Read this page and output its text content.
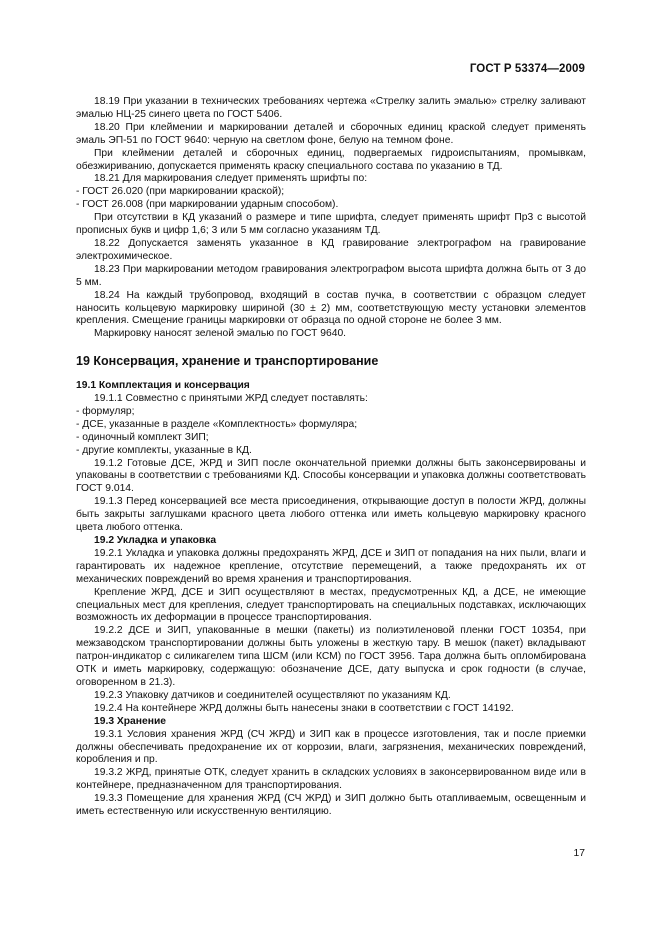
ГОСТ Р 53374—2009

18.19 При указании в технических требованиях чертежа «Стрелку залить эмалью» стрелку заливают эмалью НЦ-25 синего цвета по ГОСТ 5406.

18.20 При клеймении и маркировании деталей и сборочных единиц краской следует применять эмаль ЭП-51 по ГОСТ 9640: черную на светлом фоне, белую на темном фоне.

При клеймении деталей и сборочных единиц, подвергаемых гидроиспытаниям, промывкам, обезжириванию, допускается применять краску специального состава по указанию в ТД.

18.21 Для маркирования следует применять шрифты по:

- ГОСТ 26.020 (при маркировании краской);

- ГОСТ 26.008 (при маркировании ударным способом).

При отсутствии в КД указаний о размере и типе шрифта, следует применять шрифт Пр3 с высотой прописных букв и цифр 1,6; 3 или 5 мм согласно указаниям ТД.

18.22 Допускается заменять указанное в КД гравирование электрографом на гравирование электрохимическое.

18.23 При маркировании методом гравирования электрографом высота шрифта должна быть от 3 до 5 мм.

18.24 На каждый трубопровод, входящий в состав пучка, в соответствии с образцом следует наносить кольцевую маркировку шириной (30 ± 2) мм, соответствующую месту установки элементов крепления. Смещение границы маркировки от образца по одной стороне не более 3 мм.

Маркировку наносят зеленой эмалью по ГОСТ 9640.

19 Консервация, хранение и транспортирование

19.1 Комплектация и консервация

19.1.1 Совместно с принятыми ЖРД следует поставлять:

- формуляр;

- ДСЕ, указанные в разделе «Комплектность» формуляра;

- одиночный комплект ЗИП;

- другие комплекты, указанные в КД.

19.1.2 Готовые ДСЕ, ЖРД и ЗИП после окончательной приемки должны быть законсервированы и упакованы в соответствии с требованиями КД. Способы консервации и упаковка должны соответствовать ГОСТ 9.014.

19.1.3 Перед консервацией все места присоединения, открывающие доступ в полости ЖРД, должны быть закрыты заглушками красного цвета любого оттенка или иметь кольцевую маркировку красного цвета любого оттенка.

19.2 Укладка и упаковка

19.2.1 Укладка и упаковка должны предохранять ЖРД, ДСЕ и ЗИП от попадания на них пыли, влаги и гарантировать их надежное крепление, отсутствие перемещений, а также предохранять их от механических повреждений во время хранения и транспортирования.

Крепление ЖРД, ДСЕ и ЗИП осуществляют в местах, предусмотренных КД, а ДСЕ, не имеющие специальных мест для крепления, следует транспортировать на специальных подставках, исключающих возможность их деформации в процессе транспортирования.

19.2.2 ДСЕ и ЗИП, упакованные в мешки (пакеты) из полиэтиленовой пленки ГОСТ 10354, при межзаводском транспортировании должны быть уложены в жесткую тару. В мешок (пакет) вкладывают патрон-индикатор с силикагелем типа ШСМ (или КСМ) по ГОСТ 3956. Тара должна быть опломбирована ОТК и иметь маркировку, содержащую: обозначение ДСЕ, дату выпуска и срок годности (в случае, оговоренном в 21.3).

19.2.3 Упаковку датчиков и соединителей осуществляют по указаниям КД.

19.2.4 На контейнере ЖРД должны быть нанесены знаки в соответствии с ГОСТ 14192.

19.3 Хранение

19.3.1 Условия хранения ЖРД (СЧ ЖРД) и ЗИП как в процессе изготовления, так и после приемки должны обеспечивать предохранение их от коррозии, влаги, загрязнения, механических повреждений, коробления и пр.

19.3.2 ЖРД, принятые ОТК, следует хранить в складских условиях в законсервированном виде или в контейнере, предназначенном для транспортирования.

19.3.3 Помещение для хранения ЖРД (СЧ ЖРД) и ЗИП должно быть отапливаемым, освещенным и иметь естественную или искусственную вентиляцию.

17
